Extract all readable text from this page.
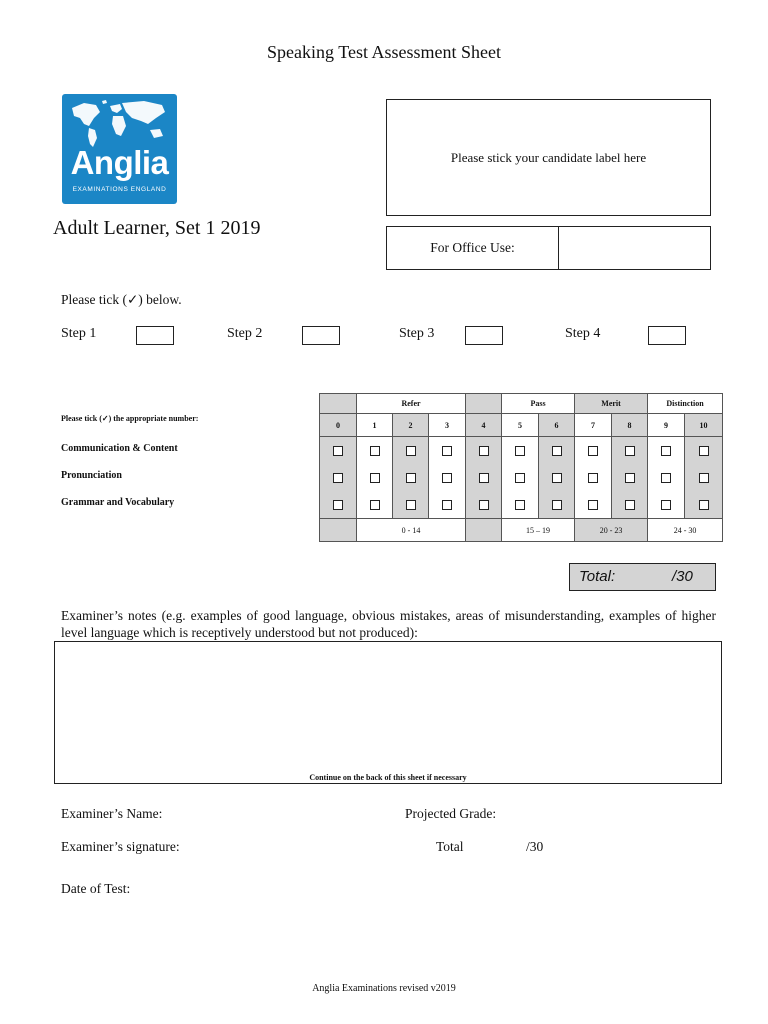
Speaking Test Assessment Sheet
Anglia
EXAMINATIONS ENGLAND
Please stick your candidate label here
Adult Learner, Set 1 2019
For Office Use:
Please tick (✓) below.
Step 1	Step 2	Step 3	Step 4
Please tick (✓) the appropriate number:
Communication & Content
Pronunciation
Grammar and Vocabulary
	Refer				Pass		Merit		Distinction	
0	1	2	3	4	5	6	7	8	9	10

	0 - 14				15 – 19		20 - 23		24 - 30	
Total:	/30
Examiner’s notes (e.g. examples of good language, obvious mistakes, areas of misunderstanding, examples of higher level language which is receptively understood but not produced):
Continue on the back of this sheet if necessary
Examiner’s Name:	Projected Grade:
Examiner’s signature:	Total	/30
Date of Test:
Anglia Examinations revised v2019
